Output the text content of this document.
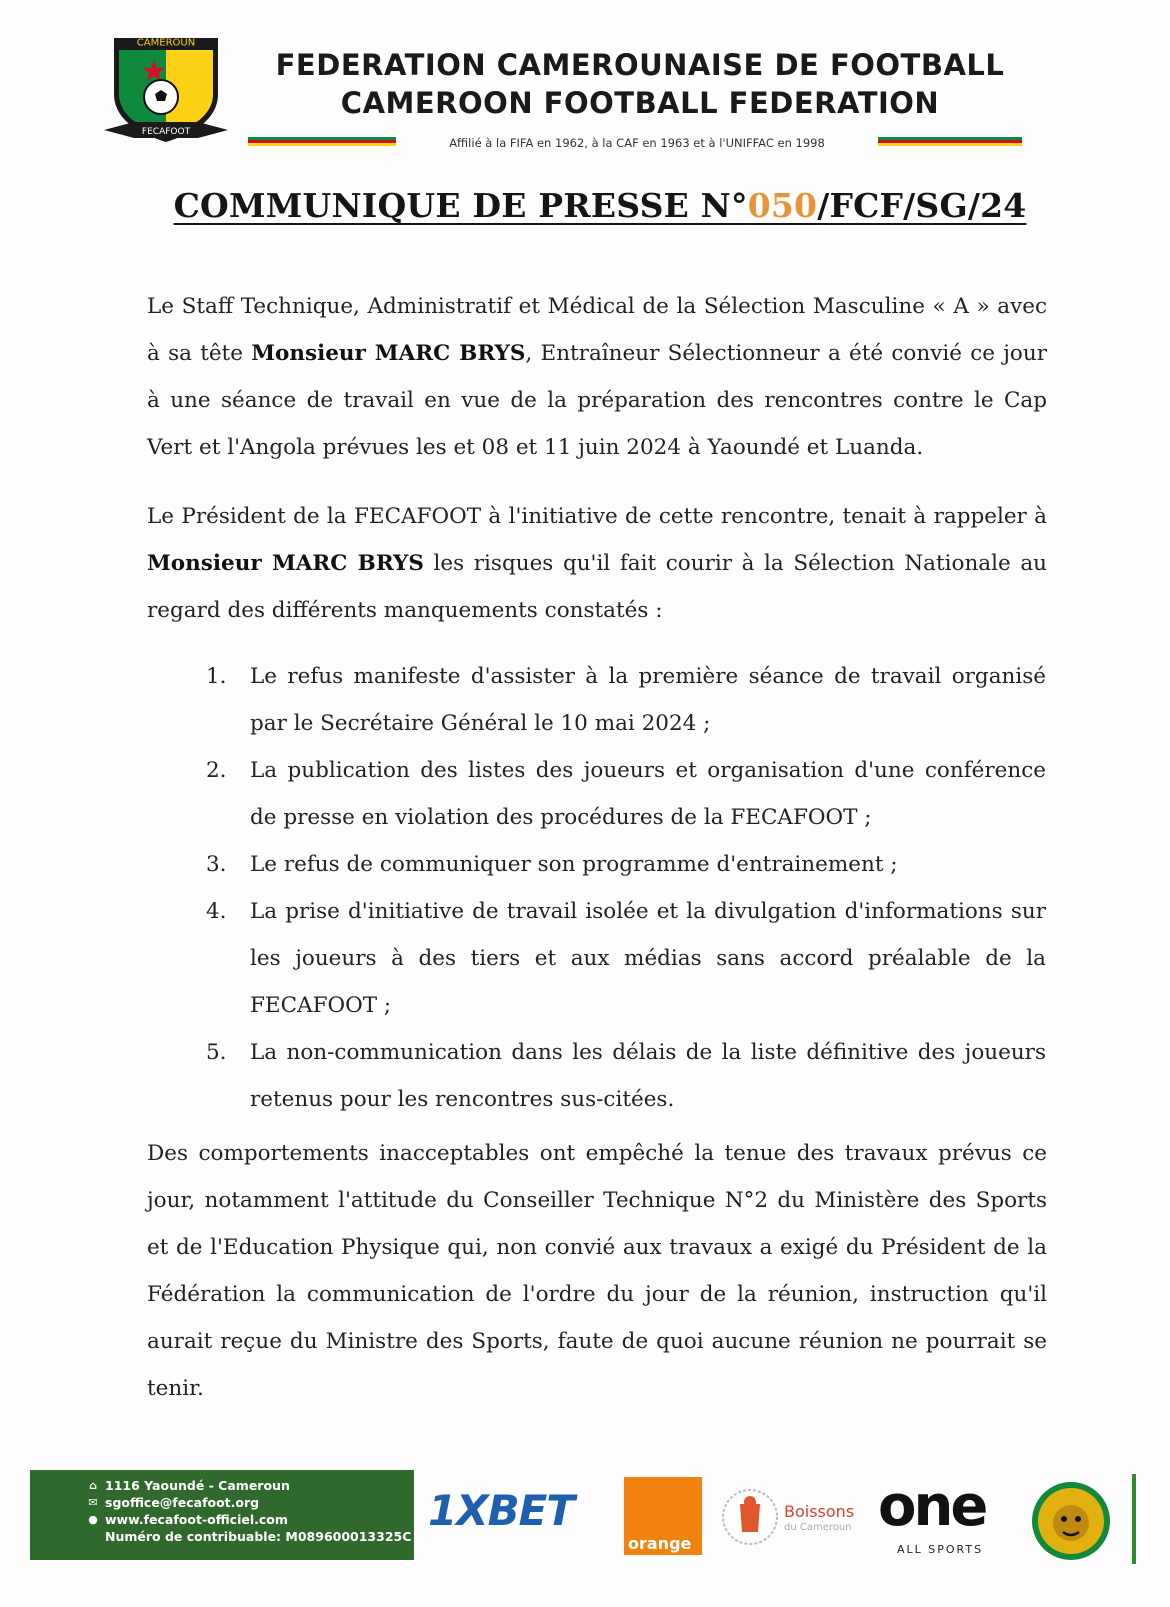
CAMEROUN
FECAFOOT
FEDERATION CAMEROUNAISE DE FOOTBALL
CAMEROON FOOTBALL FEDERATION
Affilié à la FIFA en 1962, à la CAF en 1963 et à l'UNIFFAC en 1998
COMMUNIQUE DE PRESSE N°050/FCF/SG/24
Le Staff Technique, Administratif et Médical de la Sélection Masculine « A » avec à sa tête Monsieur MARC BRYS, Entraîneur Sélectionneur a été convié ce jour à une séance de travail en vue de la préparation des rencontres contre le Cap Vert et l'Angola prévues les et 08 et 11 juin 2024 à Yaoundé et Luanda.
Le Président de la FECAFOOT à l'initiative de cette rencontre, tenait à rappeler à Monsieur MARC BRYS les risques qu'il fait courir à la Sélection Nationale au regard des différents manquements constatés :
1. Le refus manifeste d'assister à la première séance de travail organisé par le Secrétaire Général le 10 mai 2024 ;
2. La publication des listes des joueurs et organisation d'une conférence de presse en violation des procédures de la FECAFOOT ;
3. Le refus de communiquer son programme d'entrainement ;
4. La prise d'initiative de travail isolée et la divulgation d'informations sur les joueurs à des tiers et aux médias sans accord préalable de la FECAFOOT ;
5. La non-communication dans les délais de la liste définitive des joueurs retenus pour les rencontres sus-citées.
Des comportements inacceptables ont empêché la tenue des travaux prévus ce jour, notamment l'attitude du Conseiller Technique N°2 du Ministère des Sports et de l'Education Physique qui, non convié aux travaux a exigé du Président de la Fédération la communication de l'ordre du jour de la réunion, instruction qu'il aurait reçue du Ministre des Sports, faute de quoi aucune réunion ne pourrait se tenir.
⌂ 1116 Yaoundé - Cameroun
✉ sgoffice@fecafoot.org
● www.fecafoot-officiel.com
Numéro de contribuable: M089600013325C
1XBET
orange
Boissons
du Cameroun one
ALL SPORTS
